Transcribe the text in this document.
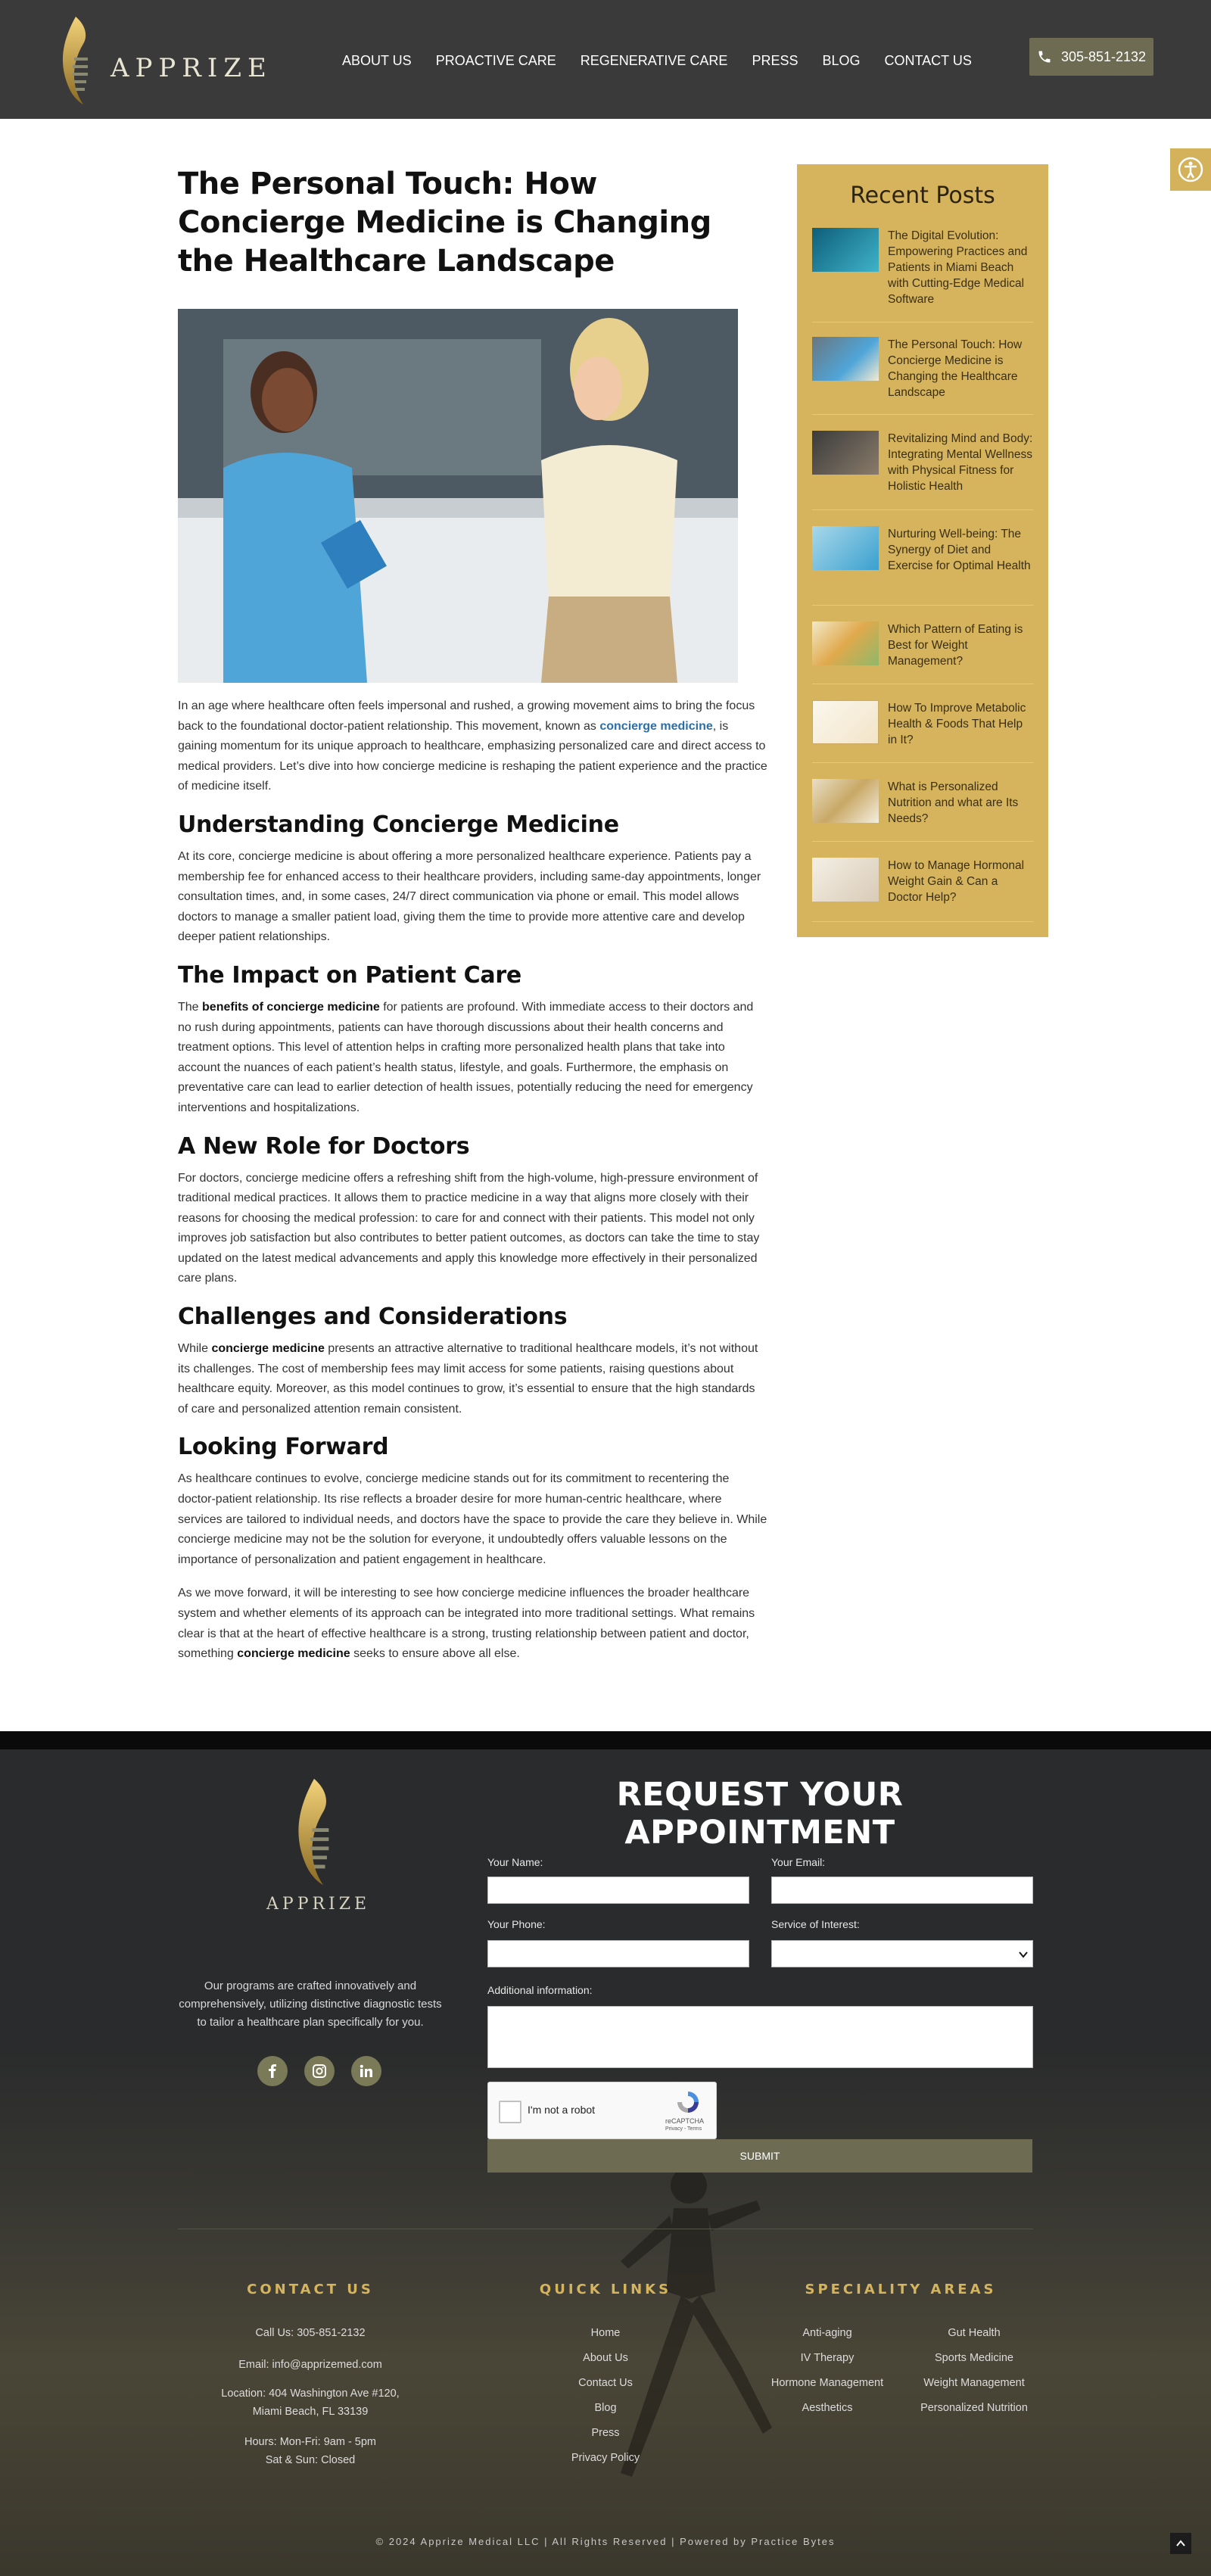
APPRIZE	ABOUT US PROACTIVE CARE REGENERATIVE CARE PRESS BLOG CONTACT US	305-851-2132
The Personal Touch: How Concierge Medicine is Changing the Healthcare Landscape

In an age where healthcare often feels impersonal and rushed, a growing movement aims to bring the focus back to the foundational doctor-patient relationship. This movement, known as concierge medicine, is gaining momentum for its unique approach to healthcare, emphasizing personalized care and direct access to medical providers. Let’s dive into how concierge medicine is reshaping the patient experience and the practice of medicine itself.

Understanding Concierge Medicine

At its core, concierge medicine is about offering a more personalized healthcare experience. Patients pay a membership fee for enhanced access to their healthcare providers, including same-day appointments, longer consultation times, and, in some cases, 24/7 direct communication via phone or email. This model allows doctors to manage a smaller patient load, giving them the time to provide more attentive care and develop deeper patient relationships.

The Impact on Patient Care

The benefits of concierge medicine for patients are profound. With immediate access to their doctors and no rush during appointments, patients can have thorough discussions about their health concerns and treatment options. This level of attention helps in crafting more personalized health plans that take into account the nuances of each patient’s health status, lifestyle, and goals. Furthermore, the emphasis on preventative care can lead to earlier detection of health issues, potentially reducing the need for emergency interventions and hospitalizations.

A New Role for Doctors

For doctors, concierge medicine offers a refreshing shift from the high-volume, high-pressure environment of traditional medical practices. It allows them to practice medicine in a way that aligns more closely with their reasons for choosing the medical profession: to care for and connect with their patients. This model not only improves job satisfaction but also contributes to better patient outcomes, as doctors can take the time to stay updated on the latest medical advancements and apply this knowledge more effectively in their personalized care plans.

Challenges and Considerations

While concierge medicine presents an attractive alternative to traditional healthcare models, it’s not without its challenges. The cost of membership fees may limit access for some patients, raising questions about healthcare equity. Moreover, as this model continues to grow, it’s essential to ensure that the high standards of care and personalized attention remain consistent.

Looking Forward

As healthcare continues to evolve, concierge medicine stands out for its commitment to recentering the doctor-patient relationship. Its rise reflects a broader desire for more human-centric healthcare, where services are tailored to individual needs, and doctors have the space to provide the care they believe in. While concierge medicine may not be the solution for everyone, it undoubtedly offers valuable lessons on the importance of personalization and patient engagement in healthcare.

As we move forward, it will be interesting to see how concierge medicine influences the broader healthcare system and whether elements of its approach can be integrated into more traditional settings. What remains clear is that at the heart of effective healthcare is a strong, trusting relationship between patient and doctor, something concierge medicine seeks to ensure above all else.

Recent Posts
The Digital Evolution: Empowering Practices and Patients in Miami Beach with Cutting-Edge Medical Software
The Personal Touch: How Concierge Medicine is Changing the Healthcare Landscape
Revitalizing Mind and Body: Integrating Mental Wellness with Physical Fitness for Holistic Health
Nurturing Well-being: The Synergy of Diet and Exercise for Optimal Health
Which Pattern of Eating is Best for Weight Management?
How To Improve Metabolic Health & Foods That Help in It?
What is Personalized Nutrition and what are Its Needs?
How to Manage Hormonal Weight Gain & Can a Doctor Help?
APPRIZE
Our programs are crafted innovatively and comprehensively, utilizing distinctive diagnostic tests to tailor a healthcare plan specifically for you.
REQUEST YOUR APPOINTMENT
Your Name:	Your Email:
Your Phone:	Service of Interest:
Additional information:
I'm not a robot
reCAPTCHA
Privacy - Terms
SUBMIT
CONTACT US
Call Us: 305-851-2132
Email: info@apprizemed.com
Location: 404 Washington Ave #120,
Miami Beach, FL 33139
Hours: Mon-Fri: 9am - 5pm
Sat & Sun: Closed
QUICK LINKS
Home
About Us
Contact Us
Blog
Press
Privacy Policy
SPECIALITY AREAS
Anti-aging
IV Therapy
Hormone Management
Aesthetics
Gut Health
Sports Medicine
Weight Management
Personalized Nutrition
© 2024 Apprize Medical LLC | All Rights Reserved | Powered by Practice Bytes
